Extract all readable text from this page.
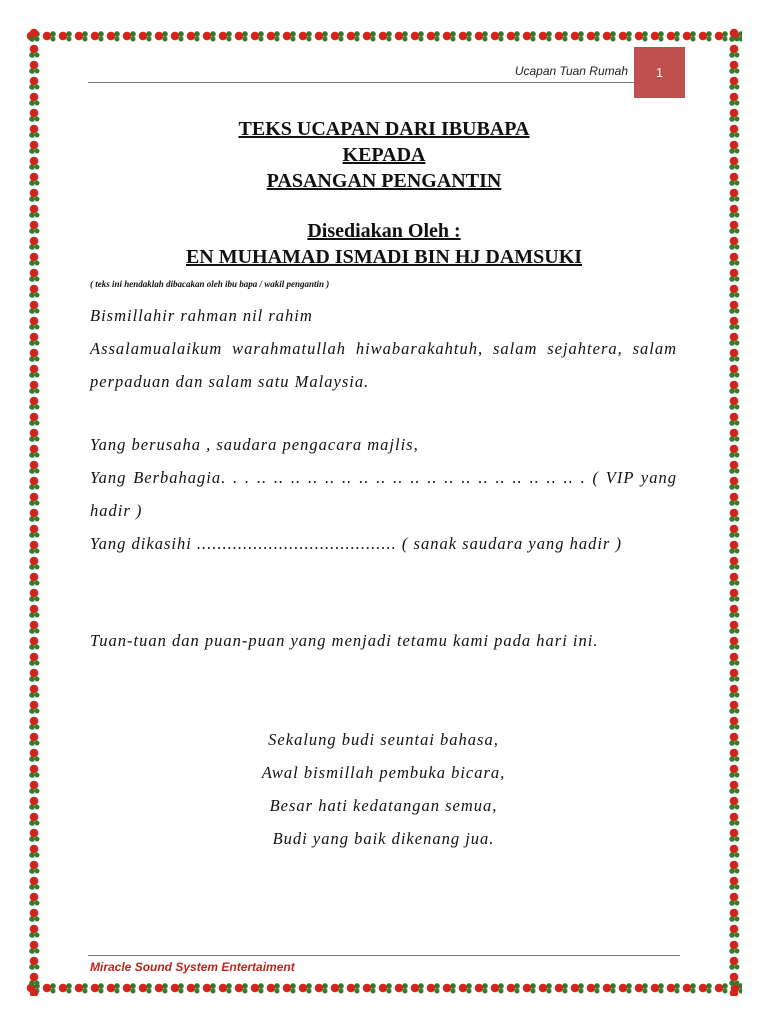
Ucapan Tuan Rumah	1
TEKS UCAPAN DARI IBUBAPA
KEPADA
PASANGAN PENGANTIN
Disediakan Oleh :
EN MUHAMAD ISMADI BIN HJ DAMSUKI
( teks ini hendaklah dibacakan oleh ibu bapa / wakil pengantin )

Bismillahir rahman nil rahim

Assalamualaikum warahmatullah hiwabarakahtuh, salam sejahtera, salam perpaduan dan salam satu Malaysia.

Yang berusaha , saudara pengacara majlis,

Yang Berbahagia. . . .. .. .. .. .. .. .. .. .. .. .. .. .. .. .. .. .. .. .. . ( VIP yang hadir )

Yang dikasihi ....................................... ( sanak saudara yang hadir )

Tuan-tuan dan puan-puan yang menjadi tetamu kami pada hari ini.

Sekalung budi seuntai bahasa,
Awal bismillah pembuka bicara,
Besar hati kedatangan semua,
Budi yang baik dikenang jua.
Miracle Sound System Entertaiment
